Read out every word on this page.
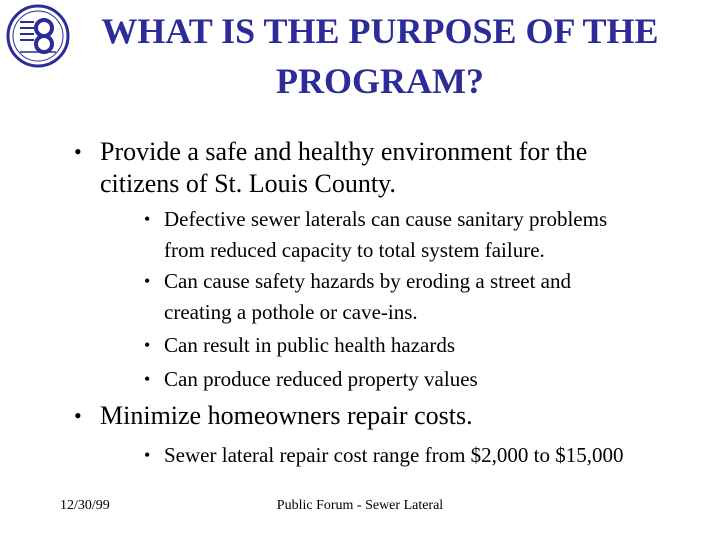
WHAT IS THE PURPOSE OF THE
PROGRAM?
• Provide a safe and healthy environment for the
citizens of St. Louis County.
• Defective sewer laterals can cause sanitary problems
from reduced capacity to total system failure.
• Can cause safety hazards by eroding a street and
creating a pothole or cave-ins.
• Can result in public health hazards
• Can produce reduced property values
• Minimize homeowners repair costs.
• Sewer lateral repair cost range from $2,000 to $15,000
12/30/99	Public Forum - Sewer Lateral
